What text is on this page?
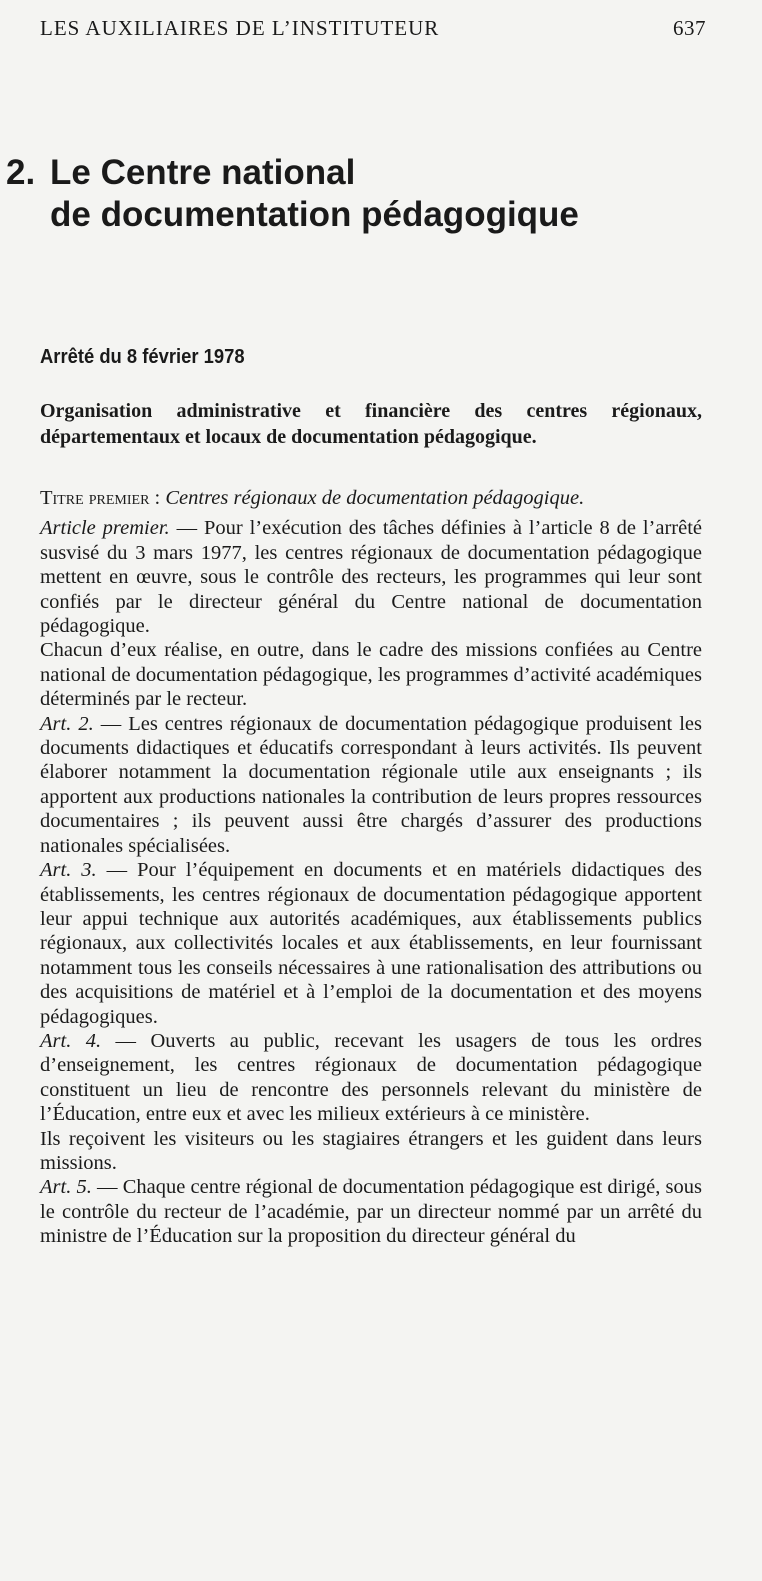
LES AUXILIAIRES DE L’INSTITUTEUR	637
2. Le Centre national
de documentation pédagogique
Arrêté du 8 février 1978
Organisation administrative et financière des centres régionaux, départementaux et locaux de documentation pédagogique.

Titre premier : Centres régionaux de documentation pédagogique.

Article premier. — Pour l’exécution des tâches définies à l’article 8 de l’arrêté susvisé du 3 mars 1977, les centres régionaux de documentation pédagogique mettent en œuvre, sous le contrôle des recteurs, les programmes qui leur sont confiés par le directeur général du Centre national de documentation pédagogique.

Chacun d’eux réalise, en outre, dans le cadre des missions confiées au Centre national de documentation pédagogique, les programmes d’activité académiques déterminés par le recteur.

Art. 2. — Les centres régionaux de documentation pédagogique produisent les documents didactiques et éducatifs correspondant à leurs activités. Ils peuvent élaborer notamment la documentation régionale utile aux enseignants ; ils apportent aux productions nationales la contribution de leurs propres ressources documentaires ; ils peuvent aussi être chargés d’assurer des productions nationales spécialisées.

Art. 3. — Pour l’équipement en documents et en matériels didactiques des établissements, les centres régionaux de documentation pédagogique apportent leur appui technique aux autorités académiques, aux établissements publics régionaux, aux collectivités locales et aux établissements, en leur fournissant notamment tous les conseils nécessaires à une rationalisation des attributions ou des acquisitions de matériel et à l’emploi de la documentation et des moyens pédagogiques.

Art. 4. — Ouverts au public, recevant les usagers de tous les ordres d’enseignement, les centres régionaux de documentation pédagogique constituent un lieu de rencontre des personnels relevant du ministère de l’Éducation, entre eux et avec les milieux extérieurs à ce ministère.

Ils reçoivent les visiteurs ou les stagiaires étrangers et les guident dans leurs missions.

Art. 5. — Chaque centre régional de documentation pédagogique est dirigé, sous le contrôle du recteur de l’académie, par un directeur nommé par un arrêté du ministre de l’Éducation sur la proposition du directeur général du
